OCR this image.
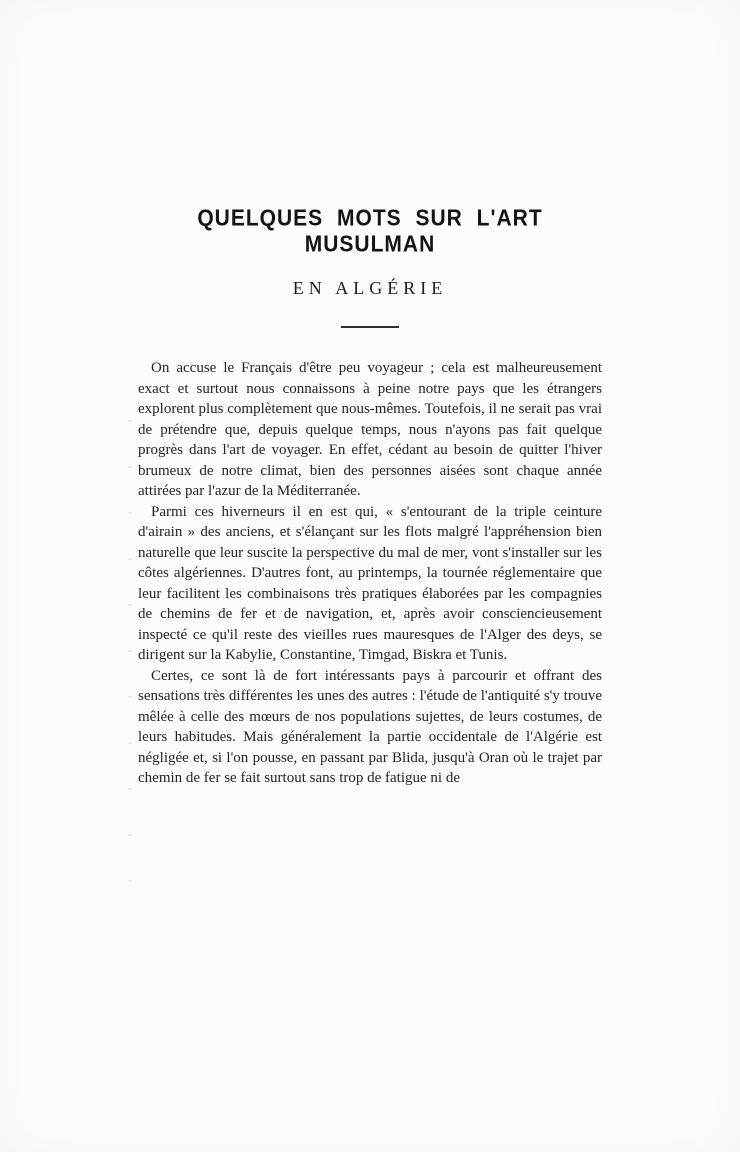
QUELQUES MOTS SUR L'ART MUSULMAN
EN ALGÉRIE

On accuse le Français d'être peu voyageur ; cela est malheureusement exact et surtout nous connaissons à peine notre pays que les étrangers explorent plus complètement que nous-mêmes. Toutefois, il ne serait pas vrai de prétendre que, depuis quelque temps, nous n'ayons pas fait quelque progrès dans l'art de voyager. En effet, cédant au besoin de quitter l'hiver brumeux de notre climat, bien des personnes aisées sont chaque année attirées par l'azur de la Méditerranée.

Parmi ces hiverneurs il en est qui, « s'entourant de la triple ceinture d'airain » des anciens, et s'élançant sur les flots malgré l'appréhension bien naturelle que leur suscite la perspective du mal de mer, vont s'installer sur les côtes algériennes. D'autres font, au printemps, la tournée réglementaire que leur facilitent les combinaisons très pratiques élaborées par les compagnies de chemins de fer et de navigation, et, après avoir consciencieusement inspecté ce qu'il reste des vieilles rues mauresques de l'Alger des deys, se dirigent sur la Kabylie, Constantine, Timgad, Biskra et Tunis.

Certes, ce sont là de fort intéressants pays à parcourir et offrant des sensations très différentes les unes des autres : l'étude de l'antiquité s'y trouve mêlée à celle des mœurs de nos populations sujettes, de leurs costumes, de leurs habitudes. Mais généralement la partie occidentale de l'Algérie est négligée et, si l'on pousse, en passant par Blida, jusqu'à Oran où le trajet par chemin de fer se fait surtout sans trop de fatigue ni de
